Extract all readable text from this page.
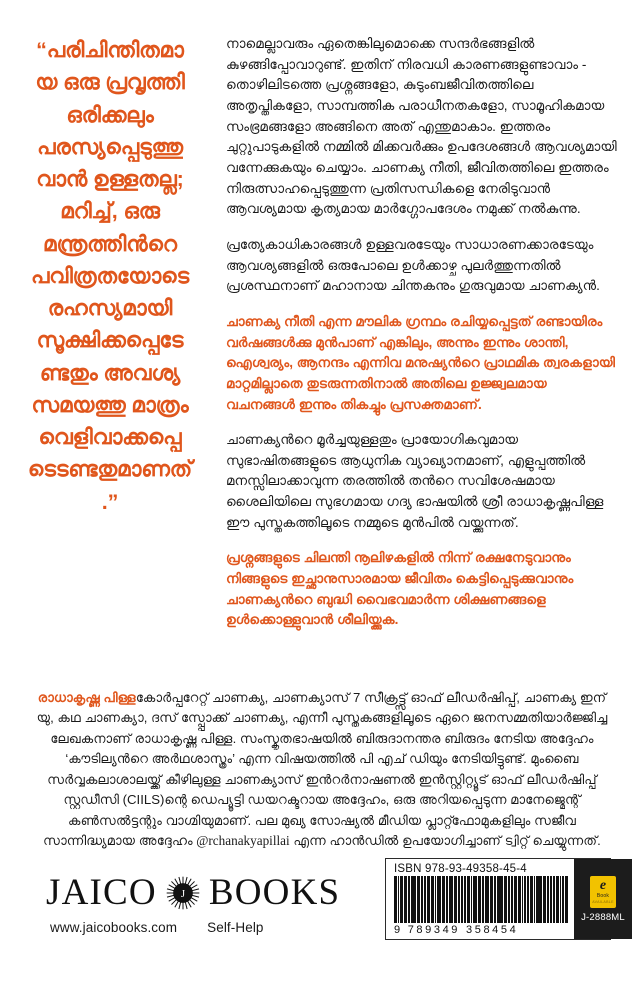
“പരിചിന്തിതമായ ഒരു പ്രവൃത്തി ഒരിക്കലും പരസ്യപ്പെടുത്തുവാൻ ഉള്ളതല്ല; മറിച്ച്, ഒരു മന്ത്രത്തിൻറെ പവിത്രതയോടെ രഹസ്യമായി സൂക്ഷിക്കപ്പെടേണ്ടതും അവശ്യ സമയത്തു മാത്രം വെളിവാക്കപ്പെടെടണ്ടതുമാണത്.”

നാമെല്ലാവരും ഏതെങ്കിലുമൊക്കെ സന്ദർഭങ്ങളിൽ കുഴങ്ങിപ്പോവാറുണ്ട്. ഇതിന് നിരവധി കാരണങ്ങളുണ്ടാവാം - തൊഴിലിടത്തെ പ്രശ്നങ്ങളോ, കുടുംബജീവിതത്തിലെ അതൃപ്തികളോ, സാമ്പത്തിക പരാധീനതകളോ, സാമൂഹികമായ സംഭ്രമങ്ങളോ അങ്ങിനെ അത് എന്തുമാകാം. ഇത്തരം ചുറ്റുപാടുകളിൽ നമ്മിൽ മിക്കവർക്കും ഉപദേശങ്ങൾ ആവശ്യമായി വന്നേക്കുകയും ചെയ്യാം. ചാണക്യ നീതി, ജീവിതത്തിലെ ഇത്തരം നിരുത്സാഹപ്പെടുത്തുന്ന പ്രതിസന്ധികളെ നേരിടുവാൻ ആവശ്യമായ കൃത്യമായ മാർഗ്ഗോപദേശം നമുക്ക് നൽകുന്നു.

പ്രത്യേകാധികാരങ്ങൾ ഉള്ളവരടേയും സാധാരണക്കാരടേയും ആവശ്യങ്ങളിൽ ഒരുപോലെ ഉൾക്കാഴ്ച പുലർത്തുന്നതിൽ പ്രശസ്ഥനാണ് മഹാനായ ചിന്തകനും ഗുരുവുമായ ചാണക്യൻ.

ചാണക്യ നീതി എന്ന മൗലിക ഗ്രന്ഥം രചിയ്യപ്പെട്ടത് രണ്ടായിരം വർഷങ്ങൾക്കു മുൻപാണ് എങ്കിലും, അന്നും ഇന്നും ശാന്തി, ഐശ്വര്യം, ആനന്ദം എന്നിവ മനുഷ്യൻറെ പ്രാഥമിക ത്വരകളായി മാറ്റമില്ലാതെ തുടരുന്നതിനാൽ അതിലെ ഉജ്ജ്വലമായ വചനങ്ങൾ ഇന്നും തികച്ചും പ്രസക്തമാണ്.

ചാണക്യൻറെ മൂർച്ചയുള്ളതും പ്രായോഗികവുമായ സുഭാഷിതങ്ങളുടെ ആധുനിക വ്യാഖ്യാനമാണ്, എളുപ്പത്തിൽ മനസ്സിലാക്കാവുന്ന തരത്തിൽ തൻറെ സവിശേഷമായ ശൈലിയിലെ സുഭഗമായ ഗദ്യ ഭാഷയിൽ ശ്രീ രാധാകൃഷ്ണപിള്ള ഈ പുസ്തകത്തിലൂടെ നമ്മുടെ മുൻപിൽ വയ്ക്കുന്നത്.

പ്രശ്നങ്ങളുടെ ചിലന്തി നൂലിഴകളിൽ നിന്ന് രക്ഷനേടുവാനും നിങ്ങളുടെ ഇച്ഛാനുസാരമായ ജീവിതം കെട്ടിപ്പെടുക്കുവാനും ചാണക്യൻറെ ബുദ്ധി വൈഭവമാർന്ന ശിക്ഷണങ്ങളെ ഉൾക്കൊള്ളുവാൻ ശീലിയ്ക്കുക.

രാധാകൃഷ്ണ പിള്ളകോർപ്പറേറ്റ് ചാണക്യ, ചാണക്യാസ് 7 സീക്രട്ട്സ് ഓഫ് ലീഡർഷിപ്പ്, ചാണക്യ ഇന് യു, കഥ ചാണക്യാ, ദസ് സ്പ്പോക്ക് ചാണക്യ, എന്നീ പുസ്തകങ്ങളിലൂടെ ഏറെ ജനസമ്മതിയാർജ്ജിച്ച ലേഖകനാണ് രാധാകൃഷ്ണ പിള്ള. സംസ്കൃതഭാഷയിൽ ബിരുദാനന്തര ബിരുദം നേടിയ അദ്ദേഹം ‘കൗടില്യൻറെ അർഥശാസ്ത്രം’ എന്ന വിഷയത്തിൽ പി എച് ഡിയും നേടിയിട്ടുണ്ട്. മുംബൈ സർവ്വകലാശാലയ്ക്ക് കീഴിലുള്ള ചാണക്യാസ് ഇൻറർനാഷണൽ ഇൻസ്റ്റിറ്റ്യൂട് ഓഫ് ലീഡർഷിപ്പ് സ്റ്റഡീസി (CIILS)ന്റെ ഡെപ്യൂട്ടി ഡയറക്ടറായ അദ്ദേഹം, ഒരു അറിയപ്പെടുന്ന മാനേജ്മെന്റ് കൺസൽട്ടന്റും വാഗ്മിയുമാണ്. പല മുഖ്യ സോഷ്യൽ മീഡിയ പ്ലാറ്റ്ഫോമുകളിലും സജീവ സാന്നിദ്ധ്യമായ അദ്ദേഹം @rchanakyapillai എന്ന ഹാൻഡിൽ ഉപയോഗിച്ചാണ് ട്വിറ്റ് ചെയ്യുന്നത്.
JAICO J BOOKS
www.jaicobooks.com Self-Help
ISBN 978-93-49358-45-4
9 789349 358454
e
Book
AVAILABLE
J-2888ML
